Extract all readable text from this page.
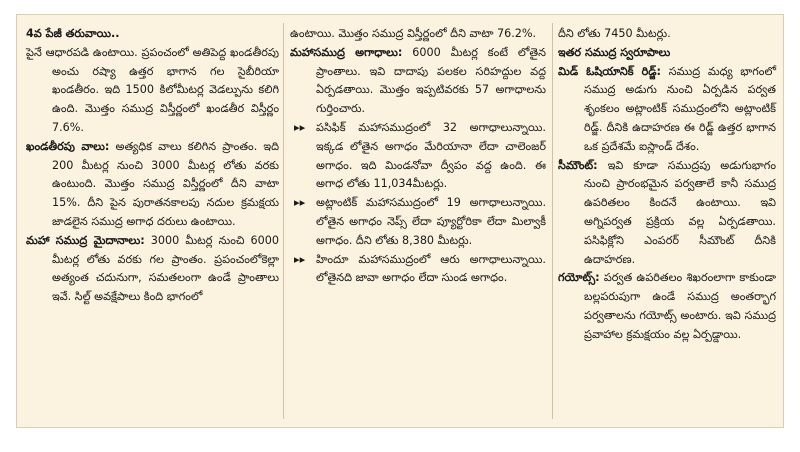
4వ పేజీ తరువాయి..

పైనే ఆధారపడి ఉంటాయి. ప్రపంచంలో అతిపెద్ద ఖండతీరపు అంచు రష్యా ఉత్తర భాగాన గల సైబీరియా ఖండతీరం. ఇది 1500 కిలోమీటర్ల వెడల్పును కలిగి ఉంది. మొత్తం సముద్ర విస్తీర్ణంలో ఖండతీర విస్తీర్ణం 7.6%.

ఖండతీరపు వాలు: అత్యధిక వాలు కలిగిన ప్రాంతం. ఇది 200 మీటర్ల నుంచి 3000 మీటర్ల లోతు వరకు ఉంటుంది. మొత్తం సముద్ర విస్తీర్ణంలో దీని వాటా 15%. దీని పైన పురాతనకాలపు నదుల క్రమక్షయ జాడలైన సముద్ర అగాధ దరులు ఉంటాయి.

మహా సముద్ర మైదానాలు: 3000 మీటర్ల నుంచి 6000 మీటర్ల లోతు వరకు గల ప్రాంతం. ప్రపంచంలోకెల్లా అత్యంత చదునుగా, సమతలంగా ఉండే ప్రాంతాలు ఇవే. సిల్ట్ అవక్షేపాలు కింది భాగంలో

ఉంటాయి. మొత్తం సముద్ర విస్తీర్ణంలో దీని వాటా 76.2%.

మహాసముద్ర అగాధాలు: 6000 మీటర్ల కంటే లోతైన ప్రాంతాలు. ఇవి దాదాపు పలకల సరిహద్దుల వద్ద ఏర్పడతాయి. మొత్తం ఇప్పటివరకు 57 అగాధాలను గుర్తించారు.

▸▸ పసిఫిక్ మహాసముద్రంలో 32 అగాధాలున్నాయి. ఇక్కడ లోతైన అగాధం మేరియానా లేదా చాలెంజర్ అగాధం. ఇది మిండనోవా ద్వీపం వద్ద ఉంది. ఈ అగాధ లోతు 11,034మీటర్లు.

▸▸ అట్లాంటిక్ మహాసముద్రంలో 19 అగాధాలున్నాయి. లోతైన అగాధం నెప్స్ లేదా ప్యూర్టోరికా లేదా మిల్వాకీ అగాధం. దీని లోతు 8,380 మీటర్లు.

▸▸ హిందూ మహాసముద్రంలో ఆరు అగాధాలున్నాయి. లోతైనది జావా అగాధం లేదా సుండ అగాధం.

దీని లోతు 7450 మీటర్లు.

ఇతర సముద్ర స్వరూపాలు

మిడ్ ఓషియానిక్ రిడ్జ్: సముద్ర మధ్య భాగంలో సముద్ర అడుగు నుంచి ఏర్పడిన పర్వత శృంకలం అట్లాంటిక్ సముద్రంలోని అట్లాంటిక్ రిడ్జ్. దీనికి ఉదాహరణ ఈ రిడ్జ్ ఉత్తర భాగాన ఒక ప్రదేశమే ఐస్లాండ్ దేశం.

సీమౌంట్: ఇవి కూడా సముద్రపు అడుగుభాగం నుంచి ప్రారంభమైన పర్వతాలే కానీ సముద్ర ఉపరితలం కిందనే ఉంటాయి. ఇవి అగ్నిపర్వత ప్రక్రియ వల్ల ఏర్పడతాయి. పసిఫిక్లోని ఎంపరర్ సీమౌంట్ దీనికి ఉదాహరణ.

గయోట్స్: పర్వత ఉపరితలం శిఖరంలాగా కాకుండా బల్లపరుపుగా ఉండే సముద్ర అంతర్భాగ పర్వతాలను గయోట్స్ అంటారు. ఇవి సముద్ర ప్రవాహాల క్రమక్షయం వల్ల ఏర్పడ్డాయి.
